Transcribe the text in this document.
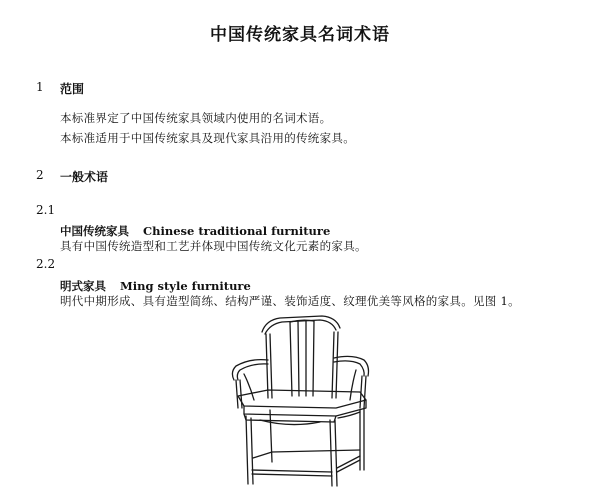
中国传统家具名词术语
1 范围
本标准界定了中国传统家具领域内使用的名词术语。
本标准适用于中国传统家具及现代家具沿用的传统家具。
2 一般术语
2.1
中国传统家具 Chinese traditional furniture
具有中国传统造型和工艺并体现中国传统文化元素的家具。
2.2
明式家具 Ming style furniture
明代中期形成、具有造型简练、结构严谨、装饰适度、纹理优美等风格的家具。见图 1。
